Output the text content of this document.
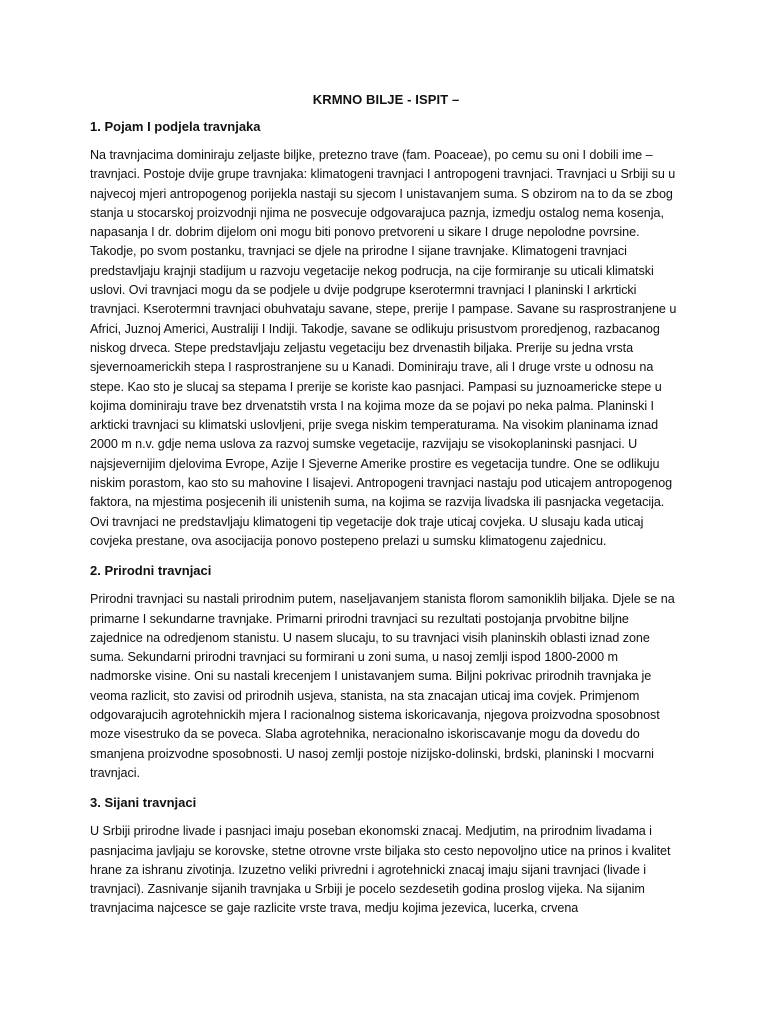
KRMNO BILJE - ISPIT –
1. Pojam I podjela travnjaka

Na travnjacima dominiraju zeljaste biljke, pretezno trave (fam. Poaceae), po cemu su oni I dobili ime – travnjaci. Postoje dvije grupe travnjaka: klimatogeni travnjaci I antropogeni travnjaci. Travnjaci u Srbiji su u najvecoj mjeri antropogenog porijekla nastaji su sjecom I unistavanjem suma. S obzirom na to da se zbog stanja u stocarskoj proizvodnji njima ne posvecuje odgovarajuca paznja, izmedju ostalog nema kosenja, napasanja I dr. dobrim dijelom oni mogu biti ponovo pretvoreni u sikare I druge nepolodne povrsine. Takodje, po svom postanku, travnjaci se djele na prirodne I sijane travnjake. Klimatogeni travnjaci predstavljaju krajnji stadijum u razvoju vegetacije nekog podrucja, na cije formiranje su uticali klimatski uslovi. Ovi travnjaci mogu da se podjele u dvije podgrupe kserotermni travnjaci I planinski I arkrticki travnjaci. Kserotermni travnjaci obuhvataju savane, stepe, prerije I pampase. Savane su rasprostranjene u Africi, Juznoj Americi, Australiji I Indiji. Takodje, savane se odlikuju prisustvom proredjenog, razbacanog niskog drveca. Stepe predstavljaju zeljastu vegetaciju bez drvenastih biljaka. Prerije su jedna vrsta sjevernoamerickih stepa I rasprostranjene su u Kanadi. Dominiraju trave, ali I druge vrste u odnosu na stepe. Kao sto je slucaj sa stepama I prerije se koriste kao pasnjaci. Pampasi su juznoamericke stepe u kojima dominiraju trave bez drvenatstih vrsta I na kojima moze da se pojavi po neka palma. Planinski I arkticki travnjaci su klimatski uslovljeni, prije svega niskim temperaturama. Na visokim planinama iznad 2000 m n.v. gdje nema uslova za razvoj sumske vegetacije, razvijaju se visokoplaninski pasnjaci. U najsjevernijim djelovima Evrope, Azije I Sjeverne Amerike prostire es vegetacija tundre. One se odlikuju niskim porastom, kao sto su mahovine I lisajevi. Antropogeni travnjaci nastaju pod uticajem antropogenog faktora, na mjestima posjecenih ili unistenih suma, na kojima se razvija livadska ili pasnjacka vegetacija. Ovi travnjaci ne predstavljaju klimatogeni tip vegetacije dok traje uticaj covjeka. U slusaju kada uticaj covjeka prestane, ova asocijacija ponovo postepeno prelazi u sumsku klimatogenu zajednicu.

2. Prirodni travnjaci

Prirodni travnjaci su nastali prirodnim putem, naseljavanjem stanista florom samoniklih biljaka. Djele se na primarne I sekundarne travnjake. Primarni prirodni travnjaci su rezultati postojanja prvobitne biljne zajednice na odredjenom stanistu. U nasem slucaju, to su travnjaci visih planinskih oblasti iznad zone suma. Sekundarni prirodni travnjaci su formirani u zoni suma, u nasoj zemlji ispod 1800-2000 m nadmorske visine. Oni su nastali krecenjem I unistavanjem suma. Biljni pokrivac prirodnih travnjaka je veoma razlicit, sto zavisi od prirodnih usjeva, stanista, na sta znacajan uticaj ima covjek. Primjenom odgovarajucih agrotehnickih mjera I racionalnog sistema iskoricavanja, njegova proizvodna sposobnost moze visestruko da se poveca. Slaba agrotehnika, neracionalno iskoriscavanje mogu da dovedu do smanjena proizvodne sposobnosti. U nasoj zemlji postoje nizijsko-dolinski, brdski, planinski I mocvarni travnjaci.

3. Sijani travnjaci

U Srbiji prirodne livade i pasnjaci imaju poseban ekonomski znacaj. Medjutim, na prirodnim livadama i pasnjacima javljaju se korovske, stetne otrovne vrste biljaka sto cesto nepovoljno utice na prinos i kvalitet hrane za ishranu zivotinja. Izuzetno veliki privredni i agrotehnicki znacaj imaju sijani travnjaci (livade i travnjaci). Zasnivanje sijanih travnjaka u Srbiji je pocelo sezdesetih godina proslog vijeka. Na sijanim travnjacima najcesce se gaje razlicite vrste trava, medju kojima jezevica, lucerka, crvena
